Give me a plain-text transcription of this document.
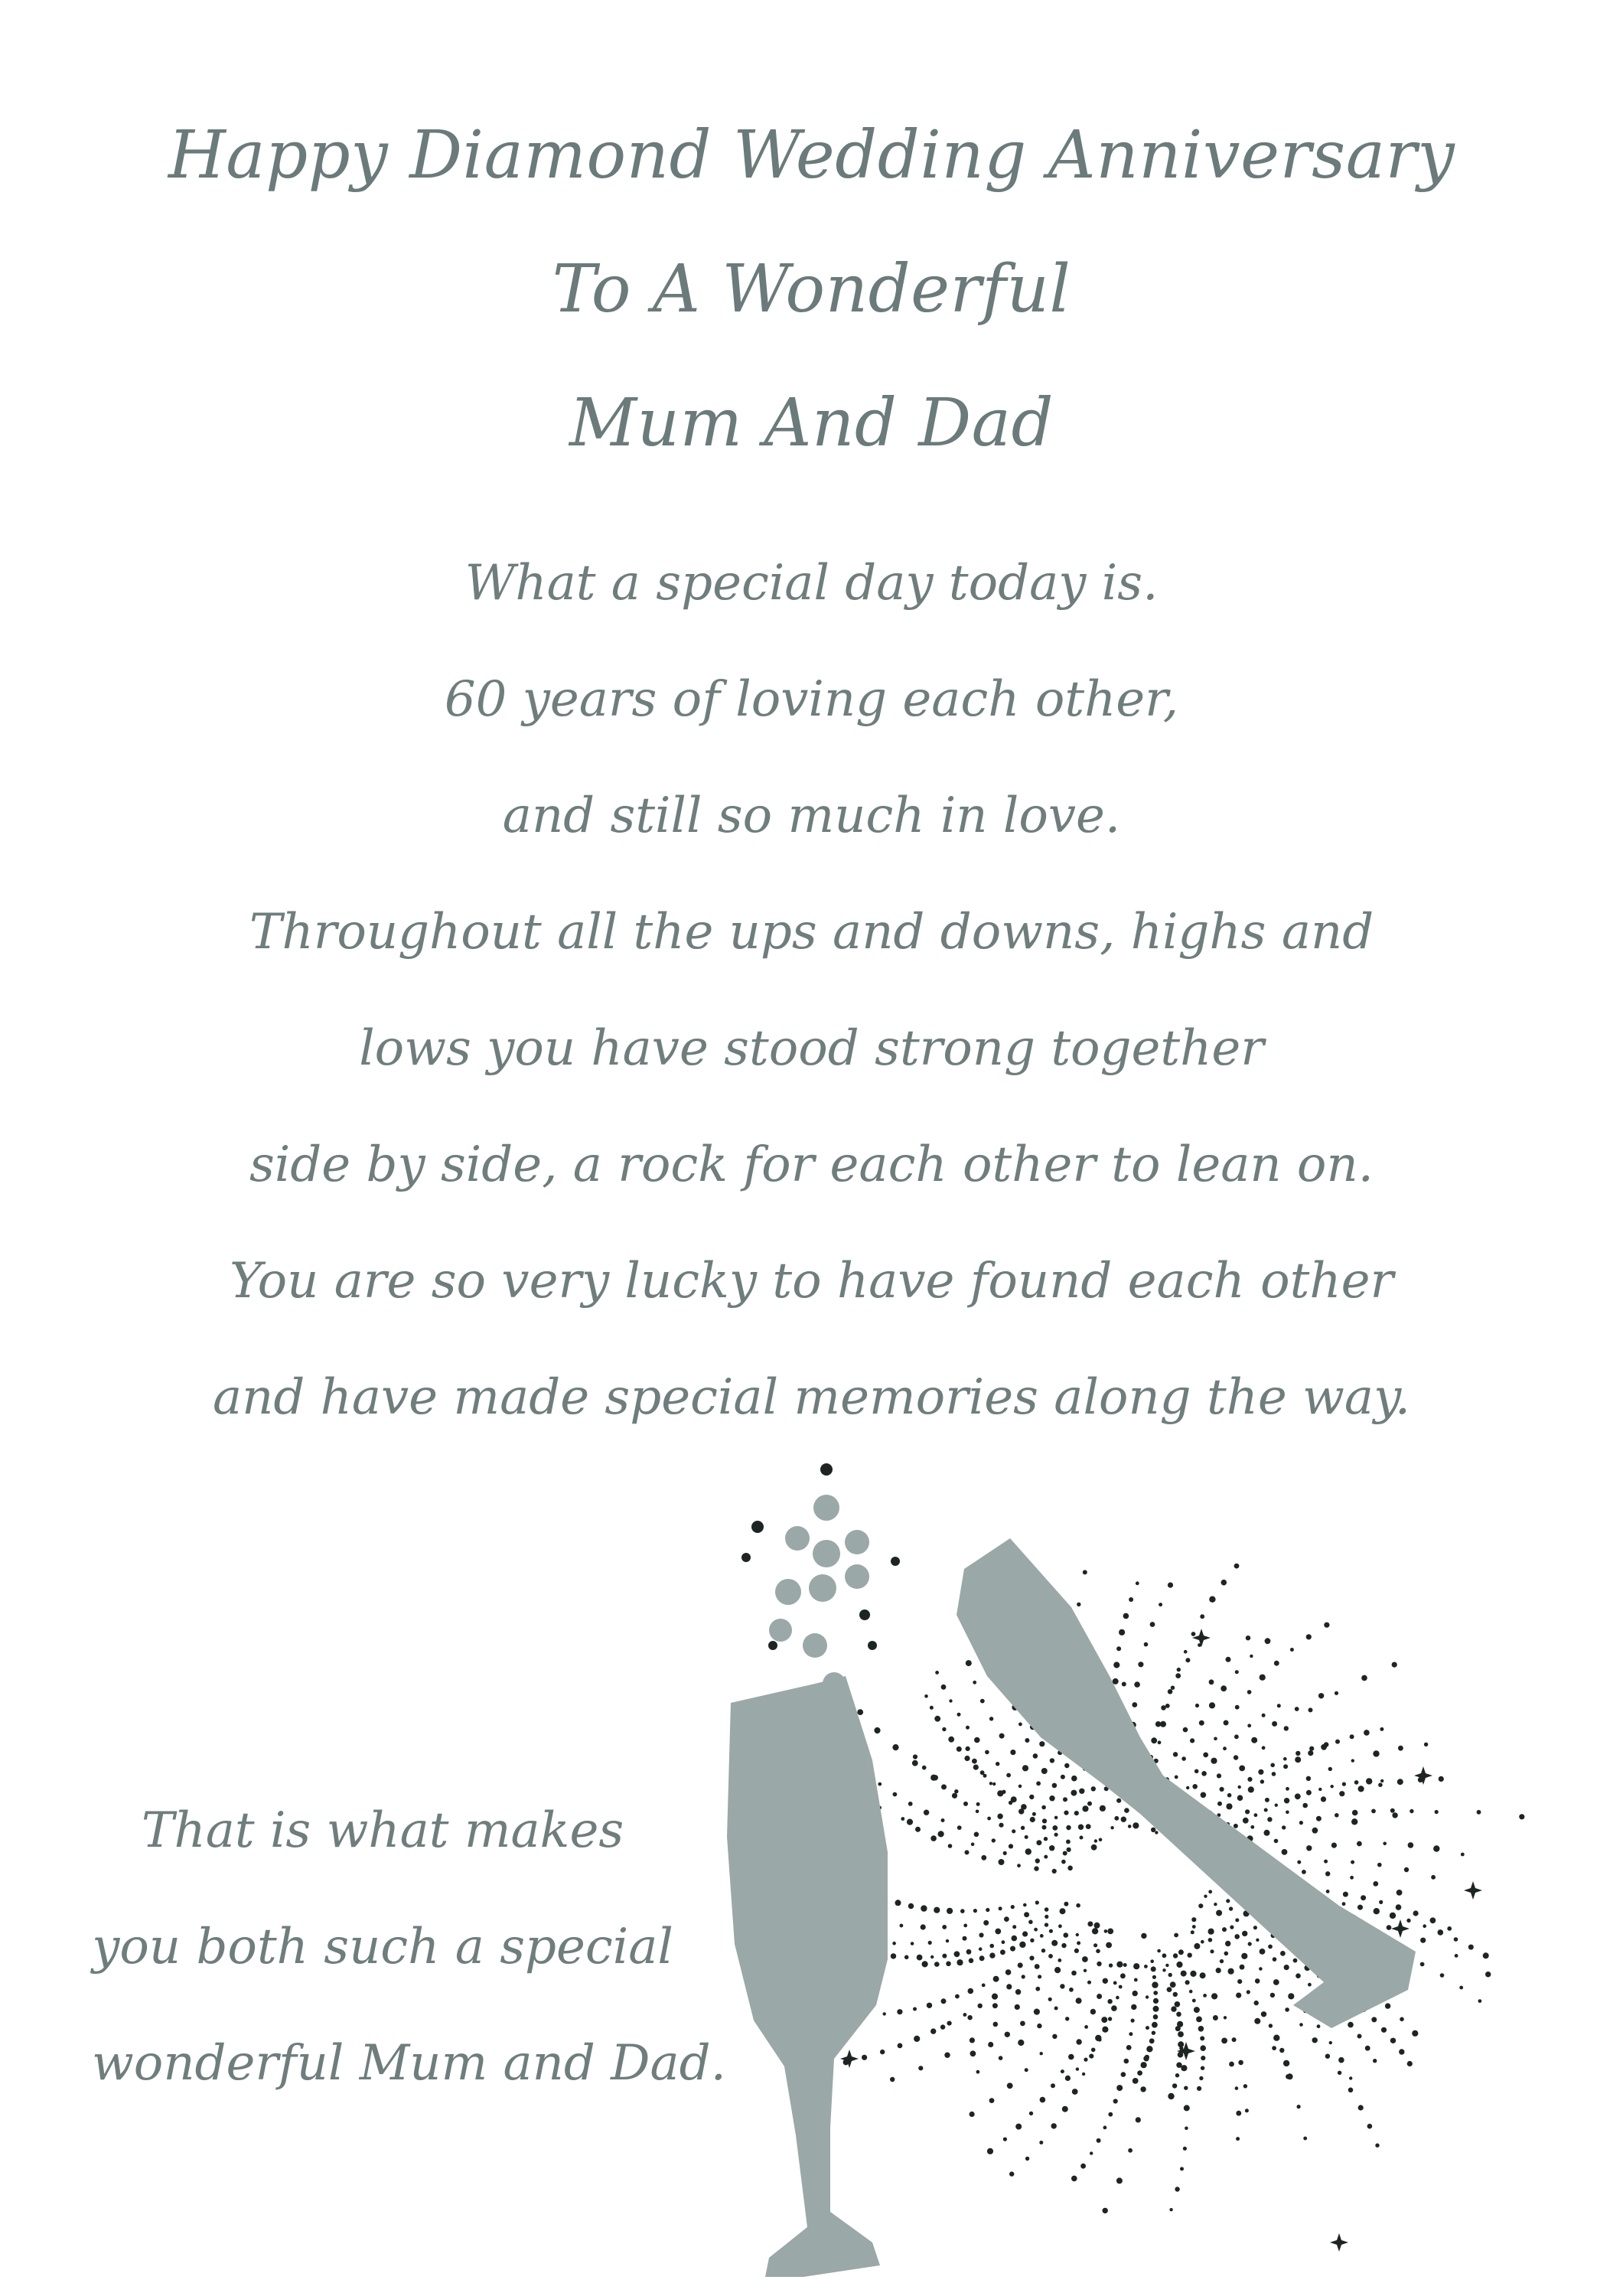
Happy Diamond Wedding Anniversary
To A Wonderful
Mum And Dad
What a special day today is.
60 years of loving each other,
and still so much in love.
Throughout all the ups and downs, highs and
lows you have stood strong together
side by side, a rock for each other to lean on.
You are so very lucky to have found each other
and have made special memories along the way.
That is what makes
you both such a special
wonderful Mum and Dad.
